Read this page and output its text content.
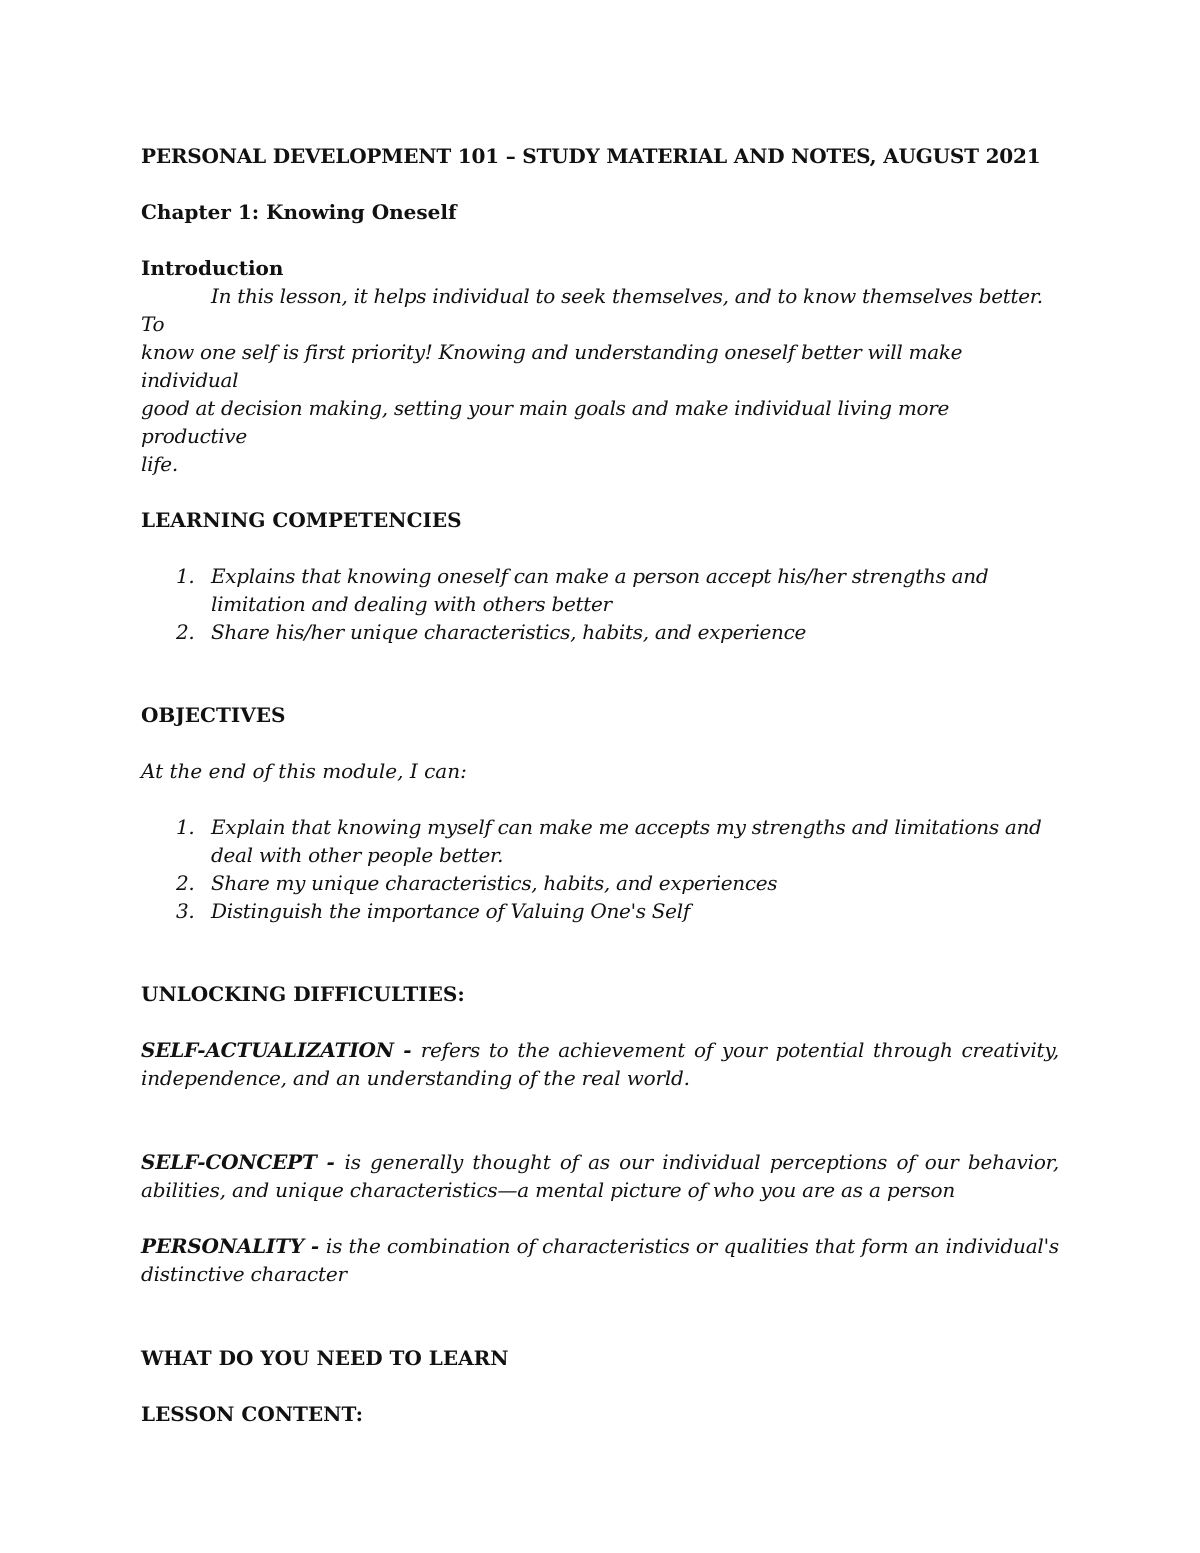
PERSONAL DEVELOPMENT 101 – STUDY MATERIAL AND NOTES, AUGUST 2021

Chapter 1: Knowing Oneself

Introduction

In this lesson, it helps individual to seek themselves, and to know themselves better. To

know one self is first priority! Knowing and understanding oneself better will make individual

good at decision making, setting your main goals and make individual living more productive

life.

LEARNING COMPETENCIES

1. Explains that knowing oneself can make a person accept his/her strengths and
limitation and dealing with others better
2. Share his/her unique characteristics, habits, and experience

OBJECTIVES

At the end of this module, I can:

1. Explain that knowing myself can make me accepts my strengths and limitations and
deal with other people better.
2. Share my unique characteristics, habits, and experiences
3. Distinguish the importance of Valuing One's Self

UNLOCKING DIFFICULTIES:

SELF-ACTUALIZATION - refers to the achievement of your potential through creativity, independence, and an understanding of the real world.

SELF-CONCEPT - is generally thought of as our individual perceptions of our behavior, abilities, and unique characteristics—a mental picture of who you are as a person

PERSONALITY - is the combination of characteristics or qualities that form an individual's distinctive character

WHAT DO YOU NEED TO LEARN

LESSON CONTENT:
